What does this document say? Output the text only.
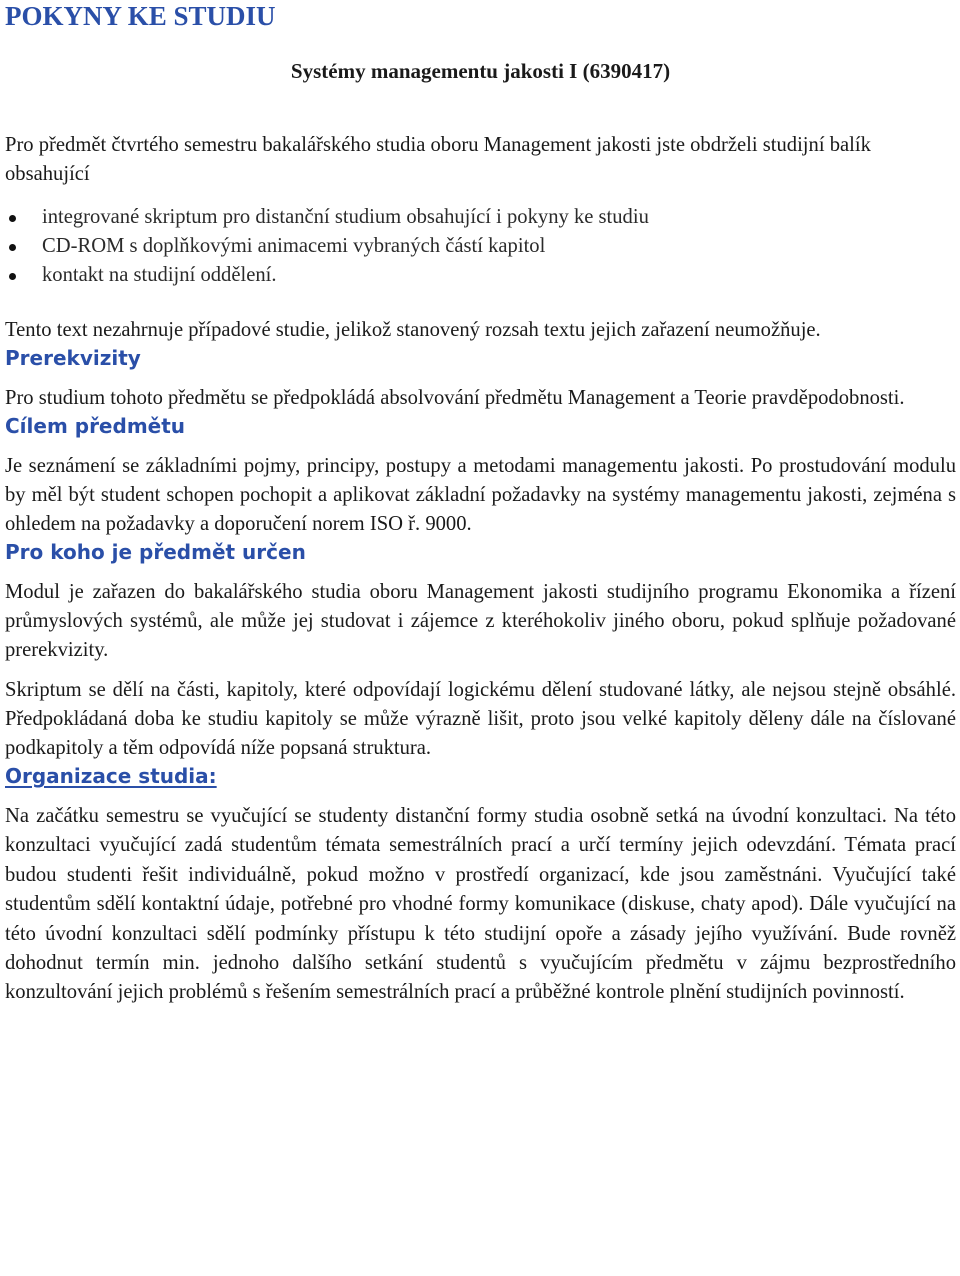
POKYNY KE STUDIU

Systémy managementu jakosti I (6390417)

Pro předmět čtvrtého semestru bakalářského studia oboru Management jakosti jste obdrželi studijní balík obsahující

integrované skriptum pro distanční studium obsahující i pokyny ke studiu
CD-ROM s doplňkovými animacemi vybraných částí kapitol
kontakt na studijní oddělení.

Tento text nezahrnuje případové studie, jelikož stanovený rozsah textu jejich zařazení neumožňuje.

Prerekvizity

Pro studium tohoto předmětu se předpokládá absolvování předmětu Management a Teorie pravděpodobnosti.

Cílem předmětu

Je seznámení se základními pojmy, principy, postupy a metodami managementu jakosti. Po prostudování modulu by měl být student schopen pochopit a aplikovat základní požadavky na systémy managementu jakosti, zejména s ohledem na požadavky a doporučení norem ISO ř. 9000.

Pro koho je předmět určen

Modul je zařazen do bakalářského studia oboru Management jakosti studijního programu Ekonomika a řízení průmyslových systémů, ale může jej studovat i zájemce z kteréhokoliv jiného oboru, pokud splňuje požadované prerekvizity.

Skriptum se dělí na části, kapitoly, které odpovídají logickému dělení studované látky, ale nejsou stejně obsáhlé. Předpokládaná doba ke studiu kapitoly se může výrazně lišit, proto jsou velké kapitoly děleny dále na číslované podkapitoly a těm odpovídá níže popsaná struktura.

Organizace studia:

Na začátku semestru se vyučující se studenty distanční formy studia osobně setká na úvodní konzultaci. Na této konzultaci vyučující zadá studentům témata semestrálních prací a určí termíny jejich odevzdání. Témata prací budou studenti řešit individuálně, pokud možno v prostředí organizací, kde jsou zaměstnáni. Vyučující také studentům sdělí kontaktní údaje, potřebné pro vhodné formy komunikace (diskuse, chaty apod). Dále vyučující na této úvodní konzultaci sdělí podmínky přístupu k této studijní opoře a zásady jejího využívání. Bude rovněž dohodnut termín min. jednoho dalšího setkání studentů s vyučujícím předmětu v zájmu bezprostředního konzultování jejich problémů s řešením semestrálních prací a průběžné kontrole plnění studijních povinností.
